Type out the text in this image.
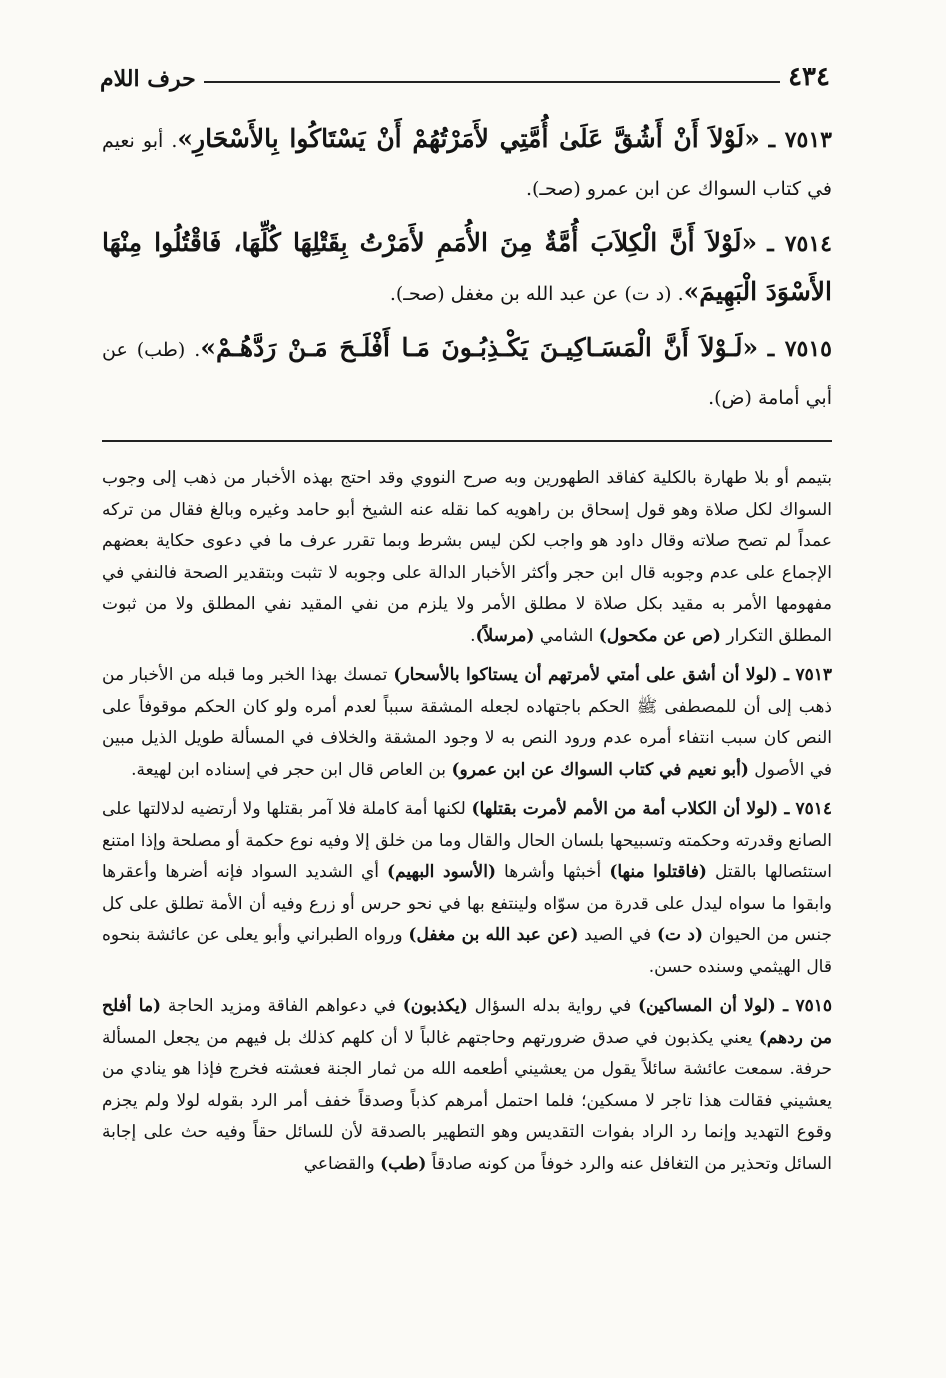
٤٣٤
حرف اللام

٧٥١٣ ـ «لَوْلاَ أَنْ أَشُقَّ عَلَىٰ أُمَّتِي لأَمَرْتُهُمْ أَنْ يَسْتَاكُوا بِالأَسْحَارِ». أبو نعيم في كتاب السواك عن ابن عمرو (صحـ).

٧٥١٤ ـ «لَوْلاَ أَنَّ الْكِلاَبَ أُمَّةٌ مِنَ الأُمَمِ لأَمَرْتُ بِقَتْلِهَا كُلِّهَا، فَاقْتُلُوا مِنْهَا الأَسْوَدَ الْبَهِيمَ». (د ت) عن عبد الله بن مغفل (صحـ).

٧٥١٥ ـ «لَـوْلاَ أَنَّ الْمَسَـاكِيـنَ يَكْـذِبُـونَ مَـا أَفْلَـحَ مَـنْ رَدَّهُـمْ». (طب) عن أبي أمامة (ض).

بتيمم أو بلا طهارة بالكلية كفاقد الطهورين وبه صرح النووي وقد احتج بهذه الأخبار من ذهب إلى وجوب السواك لكل صلاة وهو قول إسحاق بن راهويه كما نقله عنه الشيخ أبو حامد وغيره وبالغ فقال من تركه عمداً لم تصح صلاته وقال داود هو واجب لكن ليس بشرط وبما تقرر عرف ما في دعوى حكاية بعضهم الإجماع على عدم وجوبه قال ابن حجر وأكثر الأخبار الدالة على وجوبه لا تثبت وبتقدير الصحة فالنفي في مفهومها الأمر به مقيد بكل صلاة لا مطلق الأمر ولا يلزم من نفي المقيد نفي المطلق ولا من ثبوت المطلق التكرار (ص عن مكحول) الشامي (مرسلاً).

٧٥١٣ ـ (لولا أن أشق على أمتي لأمرتهم أن يستاكوا بالأسحار) تمسك بهذا الخبر وما قبله من الأخبار من ذهب إلى أن للمصطفى ﷺ الحكم باجتهاده لجعله المشقة سبباً لعدم أمره ولو كان الحكم موقوفاً على النص كان سبب انتفاء أمره عدم ورود النص به لا وجود المشقة والخلاف في المسألة طويل الذيل مبين في الأصول (أبو نعيم في كتاب السواك عن ابن عمرو) بن العاص قال ابن حجر في إسناده ابن لهيعة.

٧٥١٤ ـ (لولا أن الكلاب أمة من الأمم لأمرت بقتلها) لكنها أمة كاملة فلا آمر بقتلها ولا أرتضيه لدلالتها على الصانع وقدرته وحكمته وتسبيحها بلسان الحال والقال وما من خلق إلا وفيه نوع حكمة أو مصلحة وإذا امتنع استئصالها بالقتل (فاقتلوا منها) أخبثها وأشرها (الأسود البهيم) أي الشديد السواد فإنه أضرها وأعقرها وابقوا ما سواه ليدل على قدرة من سوّاه ولينتفع بها في نحو حرس أو زرع وفيه أن الأمة تطلق على كل جنس من الحيوان (د ت) في الصيد (عن عبد الله بن مغفل) ورواه الطبراني وأبو يعلى عن عائشة بنحوه قال الهيثمي وسنده حسن.

٧٥١٥ ـ (لولا أن المساكين) في رواية بدله السؤال (يكذبون) في دعواهم الفاقة ومزيد الحاجة (ما أفلح من ردهم) يعني يكذبون في صدق ضرورتهم وحاجتهم غالباً لا أن كلهم كذلك بل فيهم من يجعل المسألة حرفة. سمعت عائشة سائلاً يقول من يعشيني أطعمه الله من ثمار الجنة فعشته فخرج فإذا هو ينادي من يعشيني فقالت هذا تاجر لا مسكين؛ فلما احتمل أمرهم كذباً وصدقاً خفف أمر الرد بقوله لولا ولم يجزم وقوع التهديد وإنما رد الراد بفوات التقديس وهو التطهير بالصدقة لأن للسائل حقاً وفيه حث على إجابة السائل وتحذير من التغافل عنه والرد خوفاً من كونه صادقاً (طب) والقضاعي
